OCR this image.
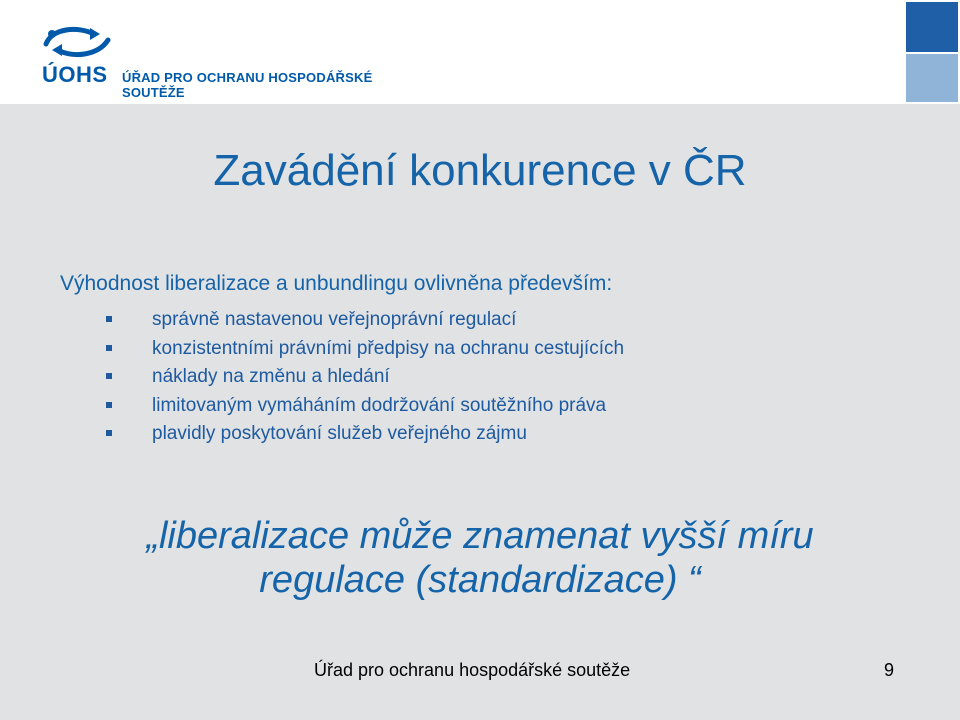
ÚOHS ÚŘAD PRO OCHRANU HOSPODÁŘSKÉ SOUTĚŽE
Zavádění konkurence v ČR

Výhodnost liberalizace a unbundlingu ovlivněna především:

správně nastavenou veřejnoprávní regulací
konzistentními právními předpisy na ochranu cestujících
náklady na změnu a hledání
limitovaným vymáháním dodržování soutěžního práva
plavidly poskytování služeb veřejného zájmu

„liberalizace může znamenat vyšší míru
regulace (standardizace) “

Úřad pro ochranu hospodářské soutěže	9
